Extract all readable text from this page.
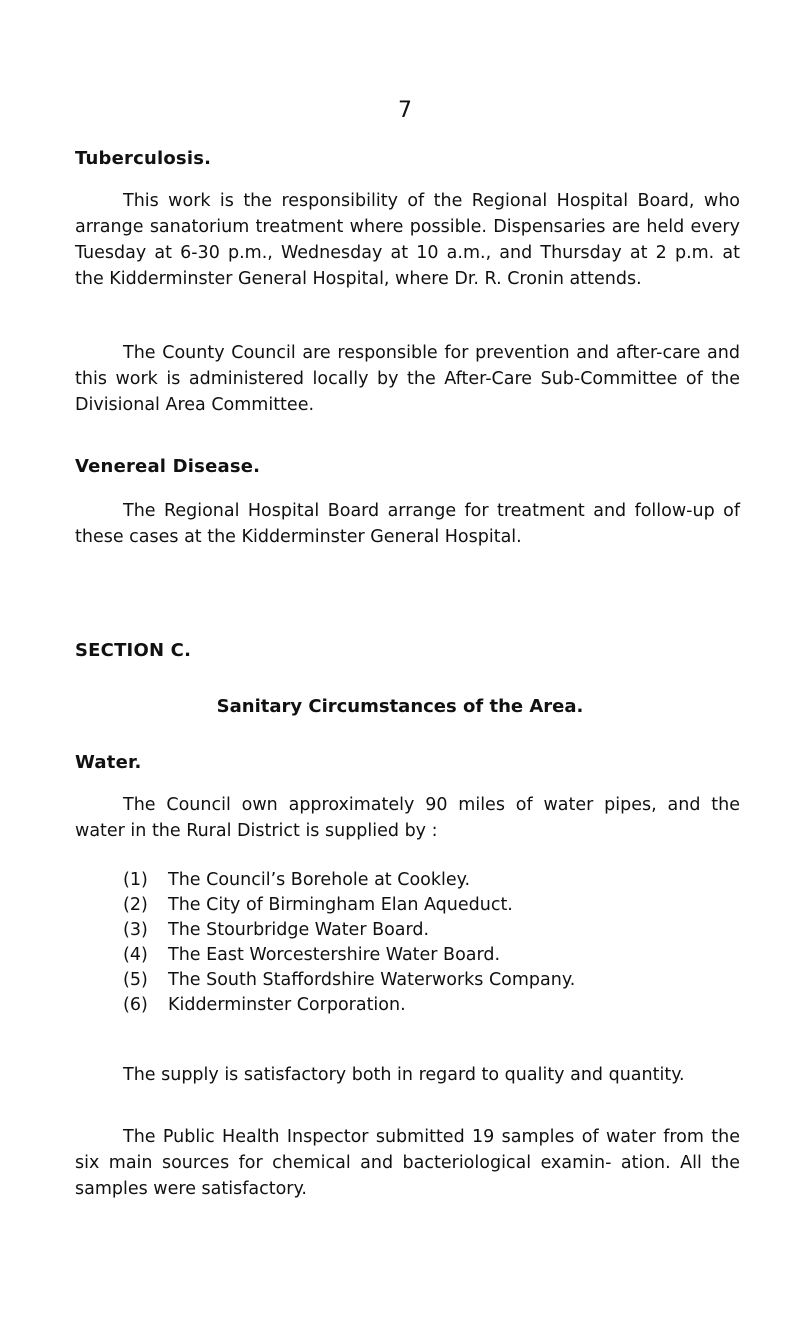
7
Tuberculosis.

This work is the responsibility of the Regional Hospital Board, who arrange sanatorium treatment where possible. Dispensaries are held every Tuesday at 6-30 p.m., Wednesday at 10 a.m., and Thursday at 2 p.m. at the Kidderminster General Hospital, where Dr. R. Cronin attends.

The County Council are responsible for prevention and after-care and this work is administered locally by the After-Care Sub-Committee of the Divisional Area Committee.

Venereal Disease.

The Regional Hospital Board arrange for treatment and follow-up of these cases at the Kidderminster General Hospital.

SECTION C.
Sanitary Circumstances of the Area.
Water.

The Council own approximately 90 miles of water pipes, and the water in the Rural District is supplied by :

(1)	The Council’s Borehole at Cookley.
(2)	The City of Birmingham Elan Aqueduct.
(3)	The Stourbridge Water Board.
(4)	The East Worcestershire Water Board.
(5)	The South Staffordshire Waterworks Company.
(6)	Kidderminster Corporation.

The supply is satisfactory both in regard to quality and quantity.

The Public Health Inspector submitted 19 samples of water from the six main sources for chemical and bacteriological examin- ation. All the samples were satisfactory.
